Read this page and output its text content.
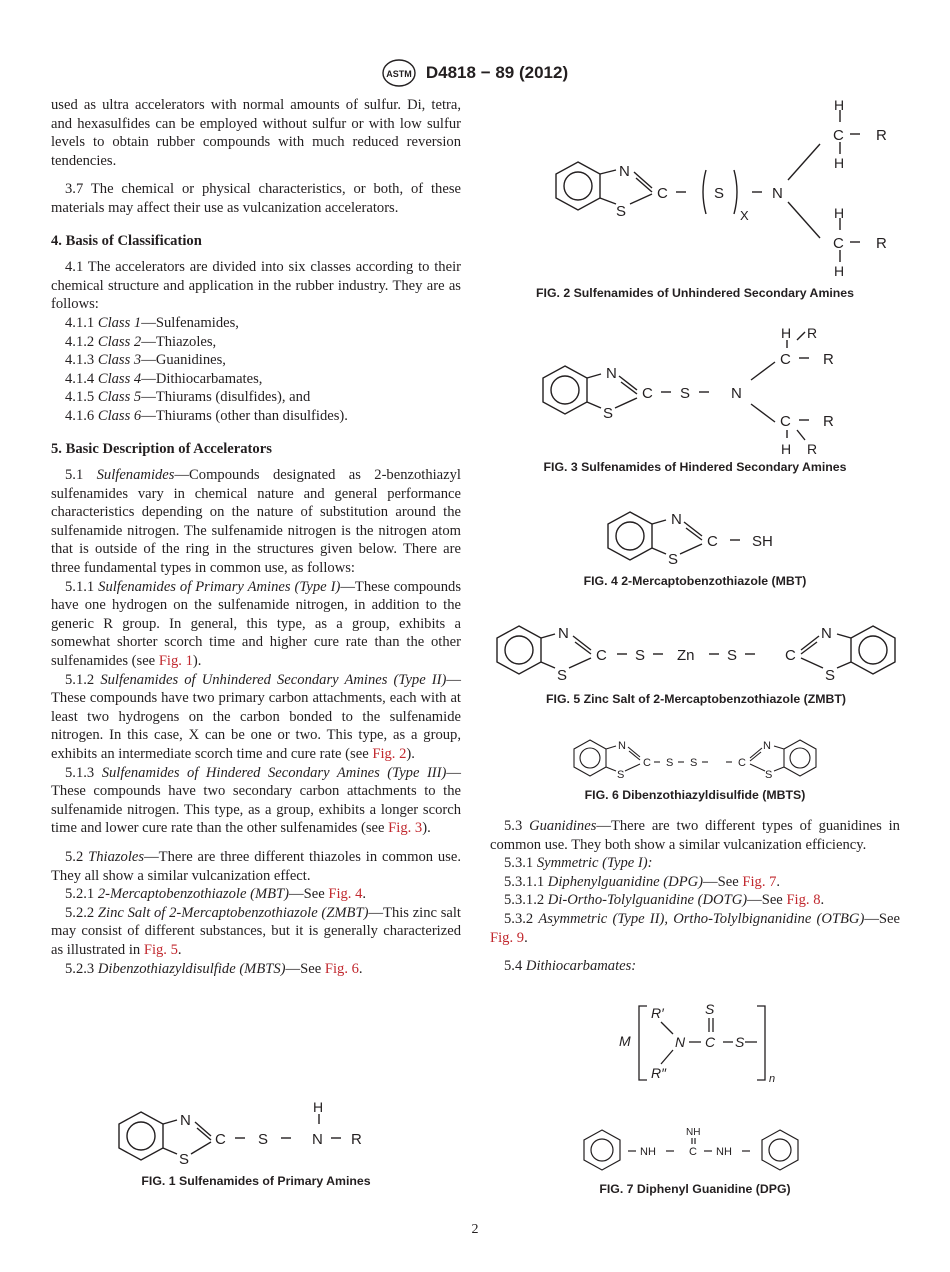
ASTM D4818 − 89 (2012)

used as ultra accelerators with normal amounts of sulfur. Di, tetra, and hexasulfides can be employed without sulfur or with low sulfur levels to obtain rubber compounds with much reduced reversion tendencies.

3.7 The chemical or physical characteristics, or both, of these materials may affect their use as vulcanization accelerators.

4. Basis of Classification

4.1 The accelerators are divided into six classes according to their chemical structure and application in the rubber industry. They are as follows:

4.1.1 Class 1—Sulfenamides,

4.1.2 Class 2—Thiazoles,

4.1.3 Class 3—Guanidines,

4.1.4 Class 4—Dithiocarbamates,

4.1.5 Class 5—Thiurams (disulfides), and

4.1.6 Class 6—Thiurams (other than disulfides).

5. Basic Description of Accelerators

5.1 Sulfenamides—Compounds designated as 2-benzothiazyl sulfenamides vary in chemical nature and general performance characteristics depending on the nature of substitution around the sulfenamide nitrogen. The sulfenamide nitrogen is the nitrogen atom that is outside of the ring in the structures given below. There are three fundamental types in common use, as follows:

5.1.1 Sulfenamides of Primary Amines (Type I)—These compounds have one hydrogen on the sulfenamide nitrogen, in addition to the generic R group. In general, this type, as a group, exhibits a somewhat shorter scorch time and higher cure rate than the other sulfenamides (see Fig. 1).

5.1.2 Sulfenamides of Unhindered Secondary Amines (Type II)—These compounds have two primary carbon attachments, each with at least two hydrogens on the carbon bonded to the sulfenamide nitrogen. In this case, X can be one or two. This type, as a group, exhibits an intermediate scorch time and cure rate (see Fig. 2).

5.1.3 Sulfenamides of Hindered Secondary Amines (Type III)—These compounds have two secondary carbon attachments to the sulfenamide nitrogen. This type, as a group, exhibits a longer scorch time and lower cure rate than the other sulfenamides (see Fig. 3).

5.2 Thiazoles—There are three different thiazoles in common use. They all show a similar vulcanization effect.

5.2.1 2-Mercaptobenzothiazole (MBT)—See Fig. 4.

5.2.2 Zinc Salt of 2-Mercaptobenzothiazole (ZMBT)—This zinc salt may consist of different substances, but it is generally characterized as illustrated in Fig. 5.

5.2.3 Dibenzothiazyldisulfide (MBTS)—See Fig. 6.

N
S
C S
H
N R
FIG. 1 Sulfenamides of Primary Amines
N
S
C	S
X
N
H
C
H
R
H
C
H
R
FIG. 2 Sulfenamides of Unhindered Secondary Amines
N
S
C S	N
H R
C R
C R
H R
FIG. 3 Sulfenamides of Hindered Secondary Amines
N
S
C SH
FIG. 4 2-Mercaptobenzothiazole (MBT)
N
S
C S Zn S	C
N
S
FIG. 5 Zinc Salt of 2-Mercaptobenzothiazole (ZMBT)
N
S
C S S	C
N
S
FIG. 6 Dibenzothiazyldisulfide (MBTS)

5.3 Guanidines—There are two different types of guanidines in common use. They both show a similar vulcanization efficiency.

5.3.1 Symmetric (Type I):

5.3.1.1 Diphenylguanidine (DPG)—See Fig. 7.

5.3.1.2 Di-Ortho-Tolylguanidine (DOTG)—See Fig. 8.

5.3.2 Asymmetric (Type II), Ortho-Tolylbignanidine (OTBG)—See Fig. 9.

5.4 Dithiocarbamates:

M
R′
R″
N
S
C S
n
NH
NH
C NH
FIG. 7 Diphenyl Guanidine (DPG)
2
